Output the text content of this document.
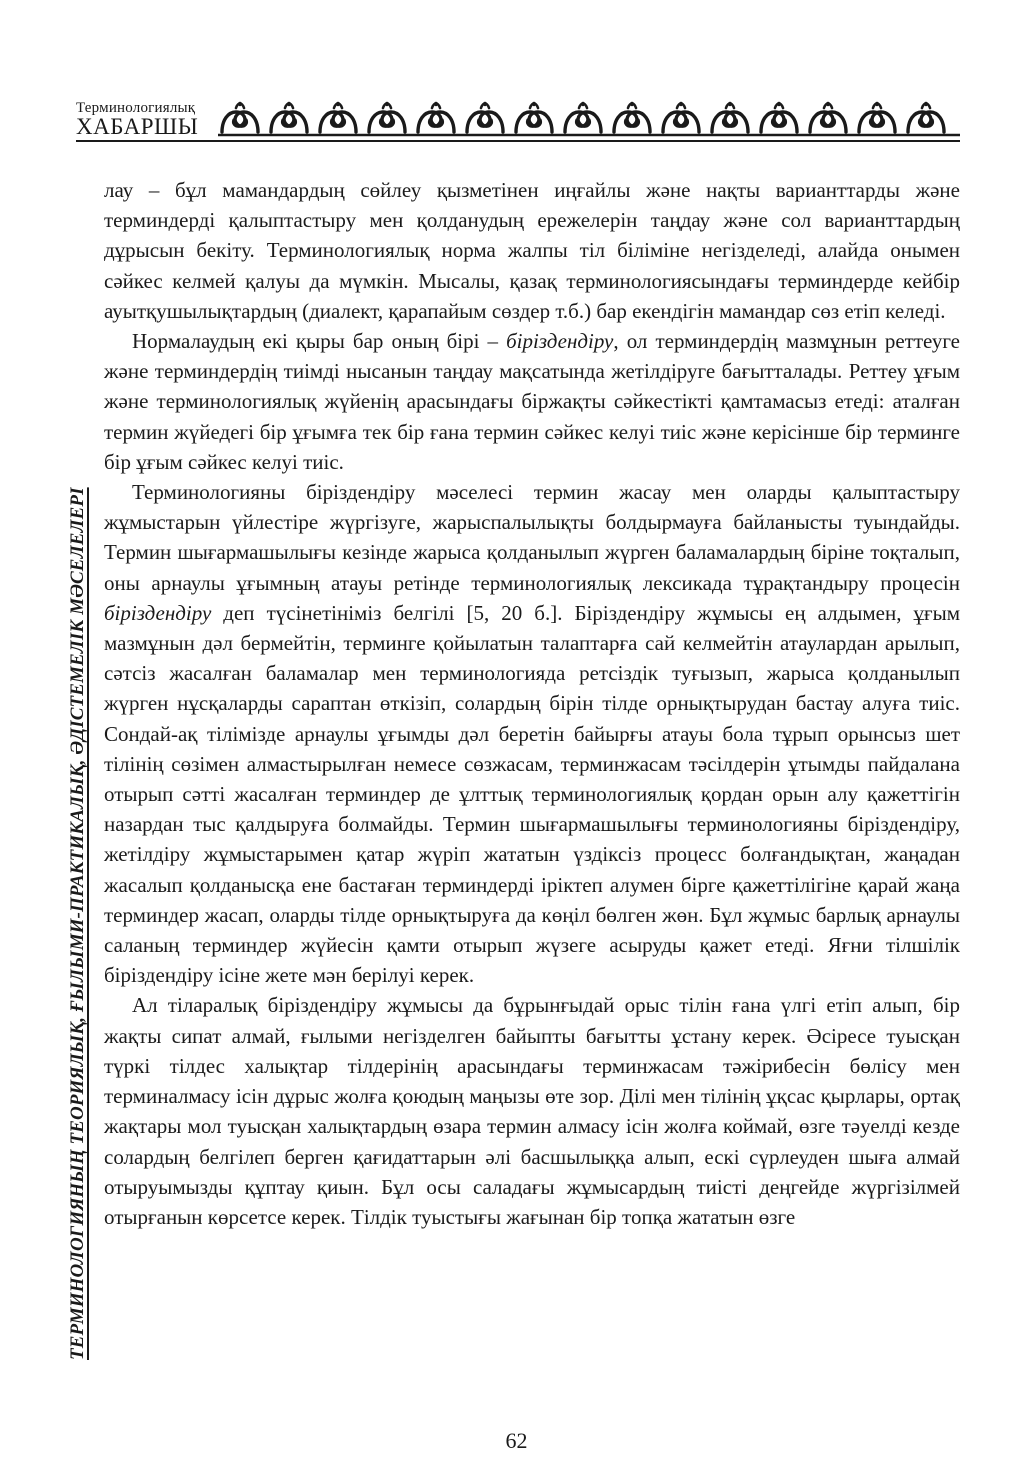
Терминологиялық
ХАБАРШЫ
ТЕРМИНОЛОГИЯНЫҢ ТЕОРИЯЛЫҚ, ҒЫЛЫМИ-ПРАКТИКАЛЫҚ, ӘДІСТЕМЕЛІК МӘСЕЛЕЛЕРІ

лау – бұл мамандардың сөйлеу қызметінен иңғайлы және нақты варианттарды және терминдерді қалыптастыру мен қолданудың ережелерін таңдау және сол варианттардың дұрысын бекіту. Терминологиялық норма жалпы тіл біліміне негізделеді, алайда онымен сәйкес келмей қалуы да мүмкін. Мысалы, қазақ терминологиясындағы терминдерде кейбір ауытқушылықтардың (диалект, қарапайым сөздер т.б.) бар екендігін мамандар сөз етіп келеді.

Нормалаудың екі қыры бар оның бірі – біріздендіру, ол терминдердің мазмұнын реттеуге және терминдердің тиімді нысанын таңдау мақсатында жетілдіруге бағытталады. Реттеу ұғым және терминологиялық жүйенің арасындағы біржақты сәйкестікті қамтамасыз етеді: аталған термин жүйедегі бір ұғымға тек бір ғана термин сәйкес келуі тиіс және керісінше бір терминге бір ұғым сәйкес келуі тиіс.

Терминологияны біріздендіру мәселесі термин жасау мен оларды қалыптастыру жұмыстарын үйлестіре жүргізуге, жарыспалылықты болдырмауға байланысты туындайды. Термин шығармашылығы кезінде жарыса қолданылып жүрген баламалардың біріне тоқталып, оны арнаулы ұғымның атауы ретінде терминологиялық лексикада тұрақтандыру процесін біріздендіру деп түсінетініміз белгілі [5, 20 б.]. Біріздендіру жұмысы ең алдымен, ұғым мазмұнын дәл бермейтін, терминге қойылатын талаптарға сай келмейтін атаулардан арылып, сәтсіз жасалған баламалар мен терминологияда ретсіздік туғызып, жарыса қолданылып жүрген нұсқаларды сараптан өткізіп, солардың бірін тілде орнықтырудан бастау алуға тиіс. Сондай-ақ тілімізде арнаулы ұғымды дәл беретін байырғы атауы бола тұрып орынсыз шет тілінің сөзімен алмастырылған немесе сөзжасам, терминжасам тәсілдерін ұтымды пайдалана отырып сәтті жасалған терминдер де ұлттық терминологиялық қордан орын алу қажеттігін назардан тыс қалдыруға болмайды. Термин шығармашылығы терминологияны біріздендіру, жетілдіру жұмыстарымен қатар жүріп жататын үздіксіз процесс болғандықтан, жаңадан жасалып қолданысқа ене бастаған терминдерді іріктеп алумен бірге қажеттілігіне қарай жаңа терминдер жасап, оларды тілде орнықтыруға да көңіл бөлген жөн. Бұл жұмыс барлық арнаулы саланың терминдер жүйесін қамти отырып жүзеге асыруды қажет етеді. Яғни тілшілік біріздендіру ісіне жете мән берілуі керек.

Ал тіларалық біріздендіру жұмысы да бұрынғыдай орыс тілін ғана үлгі етіп алып, бір жақты сипат алмай, ғылыми негізделген байыпты бағытты ұстану керек. Әсіресе туысқан түркі тілдес халықтар тілдерінің арасындағы терминжасам тәжірибесін бөлісу мен терминалмасу ісін дұрыс жолға қоюдың маңызы өте зор. Ділі мен тілінің ұқсас қырлары, ортақ жақтары мол туысқан халықтардың өзара термин алмасу ісін жолға коймай, өзге тәуелді кезде солардың белгілеп берген қағидаттарын әлі басшылыққа алып, ескі сүрлеуден шыға алмай отыруымызды құптау қиын. Бұл осы саладағы жұмысардың тиісті деңгейде жүргізілмей отырғанын көрсетсе керек. Тілдік туыстығы жағынан бір топқа жататын өзге

62
